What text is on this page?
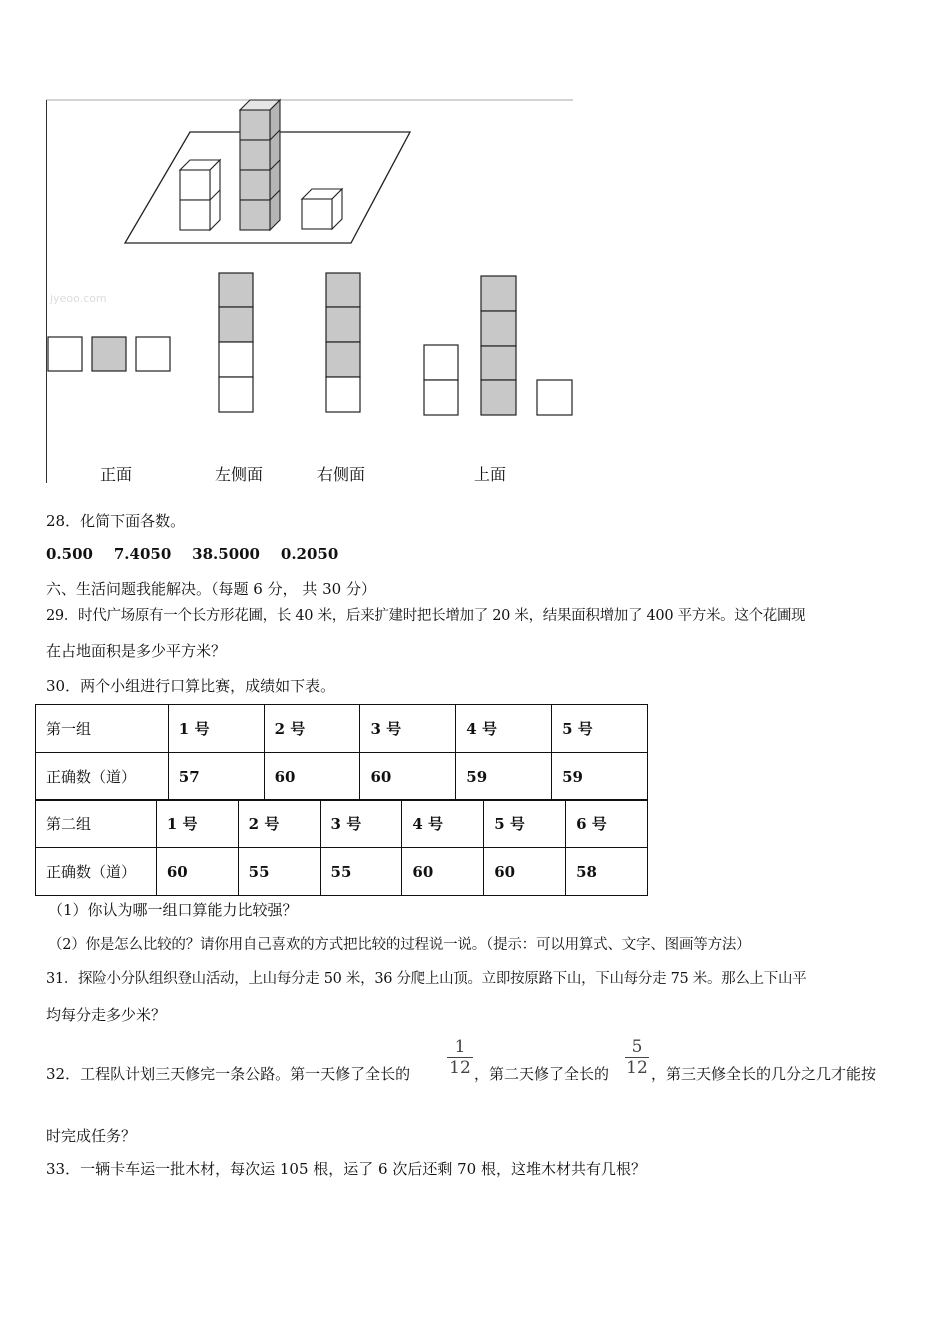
jyeoo.com
正面	左侧面	右侧面	上面
28．化简下面各数。
0.500    7.4050    38.5000    0.2050
六、生活问题我能解决。（每题 6 分， 共 30 分）
29．时代广场原有一个长方形花圃，长 40 米，后来扩建时把长增加了 20 米，结果面积增加了 400 平方米。这个花圃现
在占地面积是多少平方米？
30．两个小组进行口算比赛，成绩如下表。
第一组	1 号	2 号	3 号	4 号	5 号
正确数（道）	57	60	60	59	59
第二组	1 号	2 号	3 号	4 号	5 号	6 号
正确数（道）	60	55	55	60	60	58
（1）你认为哪一组口算能力比较强？
（2）你是怎么比较的？请你用自己喜欢的方式把比较的过程说一说。（提示：可以用算式、文字、图画等方法）
31．探险小分队组织登山活动，上山每分走 50 米，36 分爬上山顶。立即按原路下山，下山每分走 75 米。那么上下山平
均每分走多少米？
32．工程队计划三天修完一条公路。第一天修了全长的 $\frac{1}{12}$ ，第二天修了全长的 $\frac{5}{12}$ ，第三天修全长的几分之几才能按
时完成任务？
33．一辆卡车运一批木材，每次运 105 根，运了 6 次后还剩 70 根，这堆木材共有几根？
